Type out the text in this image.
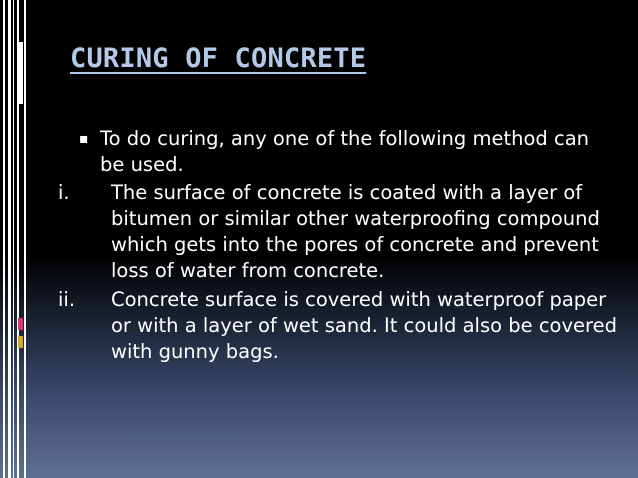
CURING OF CONCRETE
▪ To do curing, any one of the following method can be used.
i. The surface of concrete is coated with a layer of bitumen or similar other waterproofing compound which gets into the pores of concrete and prevent loss of water from concrete.
ii. Concrete surface is covered with waterproof paper or with a layer of wet sand. It could also be covered with gunny bags.
